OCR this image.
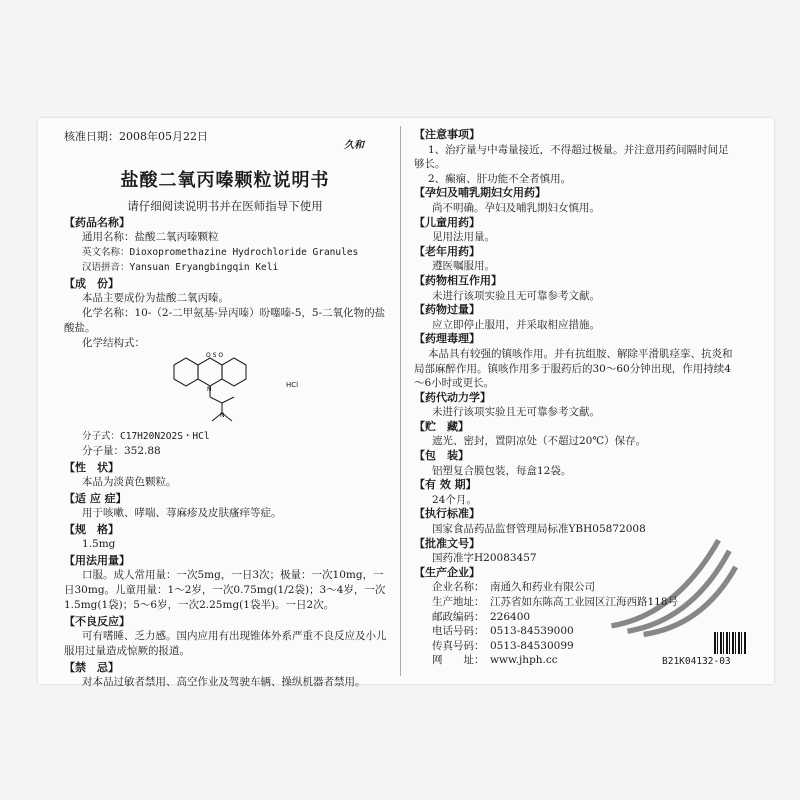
核准日期：2008年05月22日
久和
盐酸二氧丙嗪颗粒说明书
请仔细阅读说明书并在医师指导下使用
【药品名称】
通用名称：盐酸二氧丙嗪颗粒
英文名称：Dioxopromethazine Hydrochloride Granules
汉语拼音：Yansuan Eryangbingqin Keli
【成　份】
本品主要成份为盐酸二氧丙嗪。
化学名称：10-（2-二甲氨基-异丙嗪）吩噻嗪-5，5-二氧化物的盐酸盐。
化学结构式：
O S O
N
N
HCl
分子式：C17H20N2O2S・HCl
分子量：352.88
【性　状】
本品为淡黄色颗粒。
【适 应 症】
用于咳嗽、哮喘、荨麻疹及皮肤瘙痒等症。
【规　格】
1.5mg
【用法用量】
口服。成人常用量：一次5mg，一日3次；极量：一次10mg，一日30mg。儿童用量：1～2岁，一次0.75mg(1/2袋)；3～4岁，一次1.5mg(1袋)；5～6岁，一次2.25mg(1袋半)。一日2次。
【不良反应】
可有嗜睡、乏力感。国内应用有出现锥体外系严重不良反应及小儿服用过量造成惊厥的报道。
【禁　忌】
对本品过敏者禁用、高空作业及驾驶车辆、操纵机器者禁用。
【注意事项】
1、治疗量与中毒量接近，不得超过极量。并注意用药间隔时间足够长。
2、癫痫、肝功能不全者慎用。
【孕妇及哺乳期妇女用药】
尚不明确。孕妇及哺乳期妇女慎用。
【儿童用药】
见用法用量。
【老年用药】
遵医嘱服用。
【药物相互作用】
未进行该项实验且无可靠参考文献。
【药物过量】
应立即停止服用，并采取相应措施。
【药理毒理】
本品具有较强的镇咳作用。并有抗组胺、解除平滑肌痉挛、抗炎和局部麻醉作用。镇咳作用多于服药后的30～60分钟出现，作用持续4～6小时或更长。
【药代动力学】
未进行该项实验且无可靠参考文献。
【贮　藏】
遮光、密封，置阴凉处（不超过20℃）保存。
【包　装】
铝塑复合膜包装，每盒12袋。
【有 效 期】
24个月。
【执行标准】
国家食品药品监督管理局标准YBH05872008
【批准文号】
国药准字H20083457
【生产企业】
企业名称： 南通久和药业有限公司
生产地址： 江苏省如东陈高工业园区江海西路118号
邮政编码： 226400
电话号码： 0513-84539000
传真号码： 0513-84530099
网　　址： www.jhph.cc	B21K04132-03
